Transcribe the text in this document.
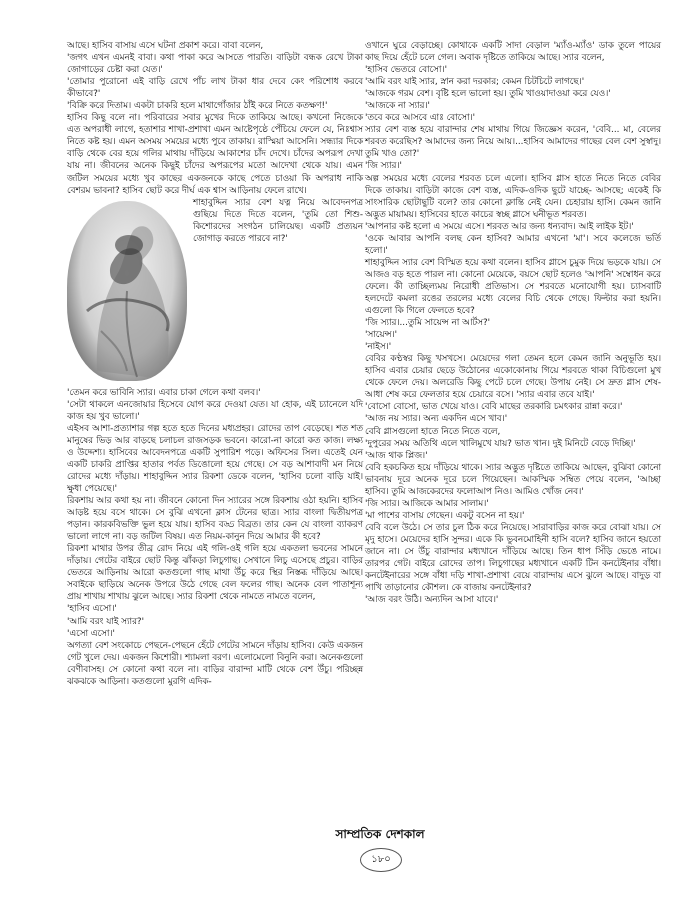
আছে। হাসিব বাসায় এসে ঘটনা প্রকাশ করে। বাবা বলেন,

'জগৎ এখন এমনই বাবা। কথা পাকা করে আসতে পারতি। বাড়িটা বন্ধক রেখে টাকা জোগাড়ের চেষ্টা করা যেত।'

'তোমার পুরোনো এই বাড়ি রেখে পাঁচ লাখ টাকা ধার দেবে কেং পরিশোধ করবে কীভাবে?'

'বিক্রি করে দিতাম। একটা চাকরি হলে মাথাগোঁজার ঠাঁই করে নিতে কতক্ষণ!'

হাসিব কিছু বলে না। পরিবারের সবার মুখের দিকে তাকিয়ে আছে। কখনো নিজেকে এত অপরাধী লাগে, হতাশার শাখা-প্রশাখা এমন আষ্টেপৃষ্ঠে পেঁচিয়ে ফেলে যে, নিঃশ্বাস নিতে কষ্ট হয়। এমন অসময় সময়ের মধ্যে পুবে তাকায়। রাস্মিয়া আসেনি। সন্ধ্যার দিকে বাড়ি থেকে বের হয়ে গলির মাথায় দাঁড়িয়ে আকাশের চাঁদ দেখে। চাঁদের অপরূপ দেখা যায় না। জীবনের অনেক কিছুই চাঁদের অপরূপের মতো আদেখা থেকে যায়। এমন জটিল সময়ের মধ্যে খুব কাছের একজনকে কাছে পেতে চাওয়া কি অপরাধ নাকি বেশরম ভাবনা? হাসিব ছোট করে দীর্ঘ এক শ্বাস আড়িনায় ফেলে রাখে।

শাহাবুদ্দিন স্যার বেশ যত্ন নিয়ে আবেদনপত্র গুছিয়ে দিতে দিতে বলেন, 'তুমি তো শিশু-কিশোরদের সংগঠন চালিয়েছ। একটি প্রত্যয়ন জোগাড় করতে পারবে না?'

'তেমন করে ভাবিনি স্যার। এবার চাকা গেলে কথা বলব।'

'সেটা থাকলে এনজোয়ার হিসেবে যোগ করে দেওয়া যেত। যা হোক, এই চ্যানেলে যদি কাজ হয় খুব ভালো।'

এইসব আশা-প্রত্যাশার গল্প হতে হতে দিনের মধ্যপ্রহর। রোদের তাপ বেড়েছে। শত শত মানুষের ভিড় আর বাড়ছে চলাচল রাজসড়ক ভবনে। কারো-না কারো কত কাজ। লক্ষ্য ও উদ্দেশ্য। হাসিবের আবেদনপত্রে একটি সুপারিশ পড়ে। অফিসের সিল। এতেই যেন একটি চাকরি প্রাপ্তির হাতার পর্বত ডিঙোলো হয়ে গেছে। সে বড় আশাবাদী মন নিয়ে রোদের মধ্যে দাঁড়ায়। শাহাবুদ্দিন স্যার রিকশা ডেকে বলেন, 'হাসিব চলো বাড়ি যাই। ক্ষুধা পেয়েছে।'

রিকশায় আর কথা হয় না। জীবনে কোনো দিন স্যারের সঙ্গে রিকশায় ওঠা হয়নি। হাসিব আড়ষ্ট হয়ে বসে থাকে। সে বুঝি এখনো ক্লাস টেনের ছাত্র। স্যার বাংলা দ্বিতীয়পত্র পড়ান। কারকবিভক্তি ভুল হয়ে যায়। হাসিব বড্ড বিব্রত। তার কেন যে বাংলা ব্যাকরণ ভালো লাগে না। বড় জটিল বিষয়। এত নিয়ম-কানুন দিয়ে আমার কী হবে?

রিকশা মাথার উপর তীব্র রোদ নিয়ে এই গলি-ওই গলি হয়ে একতলা ভবনের সামনে দাঁড়ায়। গেটের বাইরে ছোট কিন্তু ঝাঁকড়া লিচুগাছ। সেখানে লিচু এসেছে প্রচুর। বাড়ির ভেতরে আড়িনায় আরো কতগুলো গাছ মাথা উঁচু করে স্থির নিস্তব্ধ দাঁড়িয়ে আছে। সবাইকে ছাড়িয়ে অনেক উপরে উঠে গেছে বেল ফলের গাছ। অনেক বেল পাতাশূন্য প্রায় শাখায় শাখায় ঝুলে আছে। স্যার রিকশা থেকে নামতে নামতে বলেন,

'হাসিব এসো।'

'আমি বরং যাই স্যার?'

'এসো এসো।'

অগত্যা বেশ সংকোচে পেছনে-পেছনে হেঁটে গেটের সামনে দাঁড়ায় হাসিব। কেউ একজন গেট খুলে দেয়। একজন কিশোরী। শ্যামলা বরণ। এলোমেলো বিনুনি করা। অনেকগুলো বেণীবাসহ। সে কোনো কথা বলে না। বাড়ির বারান্দা মাটি থেকে বেশ উঁচু। পরিচ্ছন্ন ঝকঝকে আড়িনা। কতগুলো মুরগি এদিক-

ওখানে ঘুরে বেড়াচ্ছে। কোথাকে একটি সাদা বেড়াল 'ম্যাঁও-ম্যাঁও' ডাক তুলে পায়ের কাছ দিয়ে হেঁটে চলে গেল। অবাক দৃষ্টিতে তাকিয়ে আছে। স্যার বলেন,

'হাসিব ভেতরে বোসো।'

'আমি বরং যাই স্যার, স্নান করা দরকার; কেমন চিটচিটে লাগছে।'

'আজকে গরম বেশ। বৃষ্টি হলে ভালো হয়। তুমি খাওয়াদাওয়া করে যেও।'

'আজকে না স্যার।'

'তবে করে আসবে এাঃ বোসো।'

স্যার বেশ ব্যস্ত হয়ে বারান্দার শেষ মাথায় গিয়ে জিজ্ঞেস করেন, 'বেবি... মা, বেলের শরবত করেছিস? আমাদের জন্য নিয়ে আয়।...হাসিব আমাদের গাছের বেল বেশ সুস্বাদু। তুমি খাও তো?'

'জি স্যার।'

অল্প সময়ের মধ্যে বেলের শরবত চলে এলো। হাসিব গ্লাস হাতে নিতে নিতে বেবির দিকে তাকায়। বাড়িটা কাজে বেশ ব্যস্ত, এদিক-ওদিক ছুটে যাচ্ছে- আসছে; একেই কি সাংসারিক ছোটাছুটি বলে? তার কোনো ক্লান্তি নেই যেন। চেহারায় হাসি। কেমন জানি অদ্ভুত মায়াময়। হাসিবের হাতে কাচের স্বচ্ছ গ্লাসে ঘনীভূত শরবত।

'আপনার কষ্ট হলো এ সময়ে এসে। শরবত আর জন্য ধন্যবাদ। আই লাইক ইট।'

'ওকে আবার আপনি বলছ কেন হাসিব? আমার এখনো 'মা'। সবে কলেজে ভর্তি হলো।'

শাহাবুদ্দিন স্যার বেশ বিস্মিত হয়ে কথা বলেন। হাসিব গ্লাসে চুমুক দিয়ে ভড়কে যায়। সে আজও বড় হতে পারল না। কোনো মেয়েকে, বয়সে ছোট হলেও 'আপনি' সম্বোধন করে ফেলে। কী তাচ্ছিল্যময় নিরোধী প্রতিভাস। সে শরবতে মনোযোগী হয়। চ্যাসবাটি হলদেটে কমলা রঙের তরলের মধ্যে বেলের বিচি থেকে গেছে। ফিল্টার করা হয়নি। এগুলো কি গিলে ফেলতে হবে?

'জি স্যার।...তুমি সায়েন্স না আর্টস?'

'সায়েন্স।'

'নাইস।'

বেবির কণ্ঠস্বর কিছু খসখসে। মেয়েদের গলা তেমন হলে কেমন জানি অনুভূতি হয়। হাসিব এবার চেয়ার ছেড়ে উঠোনের একোকোনায় গিয়ে শরবতে থাকা বিচিগুলো মুখ থেকে ফেলে দেয়। অলরেডি কিছু পেটে চলে গেছে। উপায় নেই। সে দ্রুত গ্লাস শেষ-আধা শেষ করে ফেলতার হয়ে চেয়ারে বসে। 'স্যার এবার তবে যাই।'

'বোসো বোসো, ভাত খেয়ে যাও। বেবি মাছের তরকারি চমৎকার রান্না করে।'

'আজ নয় স্যার। অন্য একদিন এসে খাব।'

বেবি গ্লাসগুলো হাতে নিতে নিতে বলে,

'দুপুরের সময় অতিথি এলে খালিমুখে যায়? ভাত খান। দুই মিনিটে বেড়ে দিচ্ছি।'

'আজ থাক প্লিজ।'

বেবি হকচকিত হয়ে দাঁড়িয়ে থাকে। স্যার অদ্ভুত দৃষ্টিতে তাকিয়ে আছেন, বুঝিবা কোনো ভাবনায় দূরে অনেক দূরে চলে গিয়েছেন। আকস্মিক সম্বিত পেয়ে বলেন, 'আচ্ছা হাসিব। তুমি আজকেরদের ফলোআপ নিও। আমিও খোঁজ নেব।'

'জি স্যার। আজিকে আমার সালাম।'

'মা পাশের বাসায় গেছেন। একটু বসেন না হয়।'

বেবি বলে উঠে। সে তার চুল ঠিক করে নিয়েছে। সারাবাড়ির কাজ করে বোঝা যায়। সে মৃদু হাসে। মেয়েদের হাসি সুন্দর। একে কি ভুবনমোহিনী হাসি বলে? হাসিব জানে হয়তো জানে না। সে উঁচু বারান্দার মধ্যখানে দাঁড়িয়ে আছে। তিন ধাপ সিঁড়ি ভেঙে নামে। তারপর গেট। বাইরে রোদের তাপ। লিচুগাছের মধ্যখানে একটি টিন কনটেইনার বাঁধা। কনটেইনারের সঙ্গে বাঁধা দড়ি শাখা-প্রশাখা বেয়ে বারান্দায় এসে ঝুলে আছে। বাদুড় বা পাখি তাড়ানোর কৌশল। কে বাজায় কনটেইনার?

'আজ বরং উঠি। অন্যদিন আসা যাবে।'

সাম্প্রতিক দেশকাল
১৮০
